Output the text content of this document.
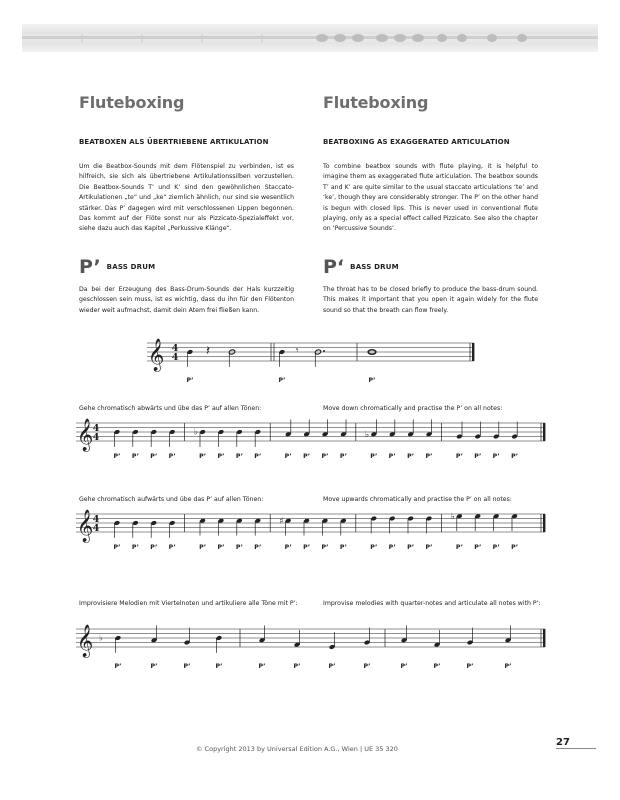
Fluteboxing
BEATBOXEN ALS ÜBERTRIEBENE ARTIKULATION

Um die Beatbox-Sounds mit dem Flötenspiel zu verbinden, ist es hilfreich, sie sich als übertriebene Artikulationssilben vorzustellen. Die Beatbox-Sounds T’ und K’ sind den gewöhnlichen Staccato-Artikulationen „te“ und „ke“ ziemlich ähnlich, nur sind sie wesentlich stärker. Das P’ dagegen wird mit verschlossenen Lippen begonnen. Das kommt auf der Flöte sonst nur als Pizzicato-Spezialeffekt vor, siehe dazu auch das Kapitel „Perkussive Klänge“.

P’ $^{BASS DRUM}$

Da bei der Erzeugung des Bass-Drum-Sounds der Hals kurzzeitig geschlossen sein muss, ist es wichtig, dass du ihn für den Flötenton wieder weit aufmachst, damit dein Atem frei fließen kann.

Fluteboxing
BEATBOXING AS EXAGGERATED ARTICULATION

To combine beatbox sounds with flute playing, it is helpful to imagine them as exaggerated flute articulation. The beatbox sounds T’ and K’ are quite similar to the usual staccato articulations ‘te’ and ‘ke’, though they are considerably stronger. The P’ on the other hand is begun with closed lips. This is never used in conventional flute playing, only as a special effect called Pizzicato. See also the chapter on ‘Percussive Sounds’.

P‘ $^{BASS DRUM}$

The throat has to be closed briefly to produce the bass-drum sound. This makes it important that you open it again widely for the flute sound so that the breath can flow freely.

Gehe chromatisch abwärts und übe das P’ auf allen Tönen:	Move down chromatically and practise the P’ on all notes:
Gehe chromatisch aufwärts und übe das P’ auf allen Tönen:	Move upwards chromatically and practise the P’ on all notes:
Improvisiere Melodien mit Viertelnoten und artikuliere alle Töne mit P’:	Improvise melodies with quarter-notes and articulate all notes with P’:
𝄞 4
4 𝄽	𝄾
P’	P’	P’
𝄞 4
4
P’ P’ P’ P’
♭
P’ P’ P’ P’	P’ P’ P’ P’
♭
P’ P’ P’ P’	P’ P’ P’ P’
𝄞 4
4
P’ P’ P’ P’	P’ P’ P’ P’
♯
P’ P’ P’ P’	P’ P’ P’ P’
♭
P’ P’ P’ P’
𝄞 ♭
P’	P’	P’	P’	P’	P’	P’	P’	P’	P’	P’	P’
© Copyright 2013 by Universal Edition A.G., Wien | UE 35 320
27
